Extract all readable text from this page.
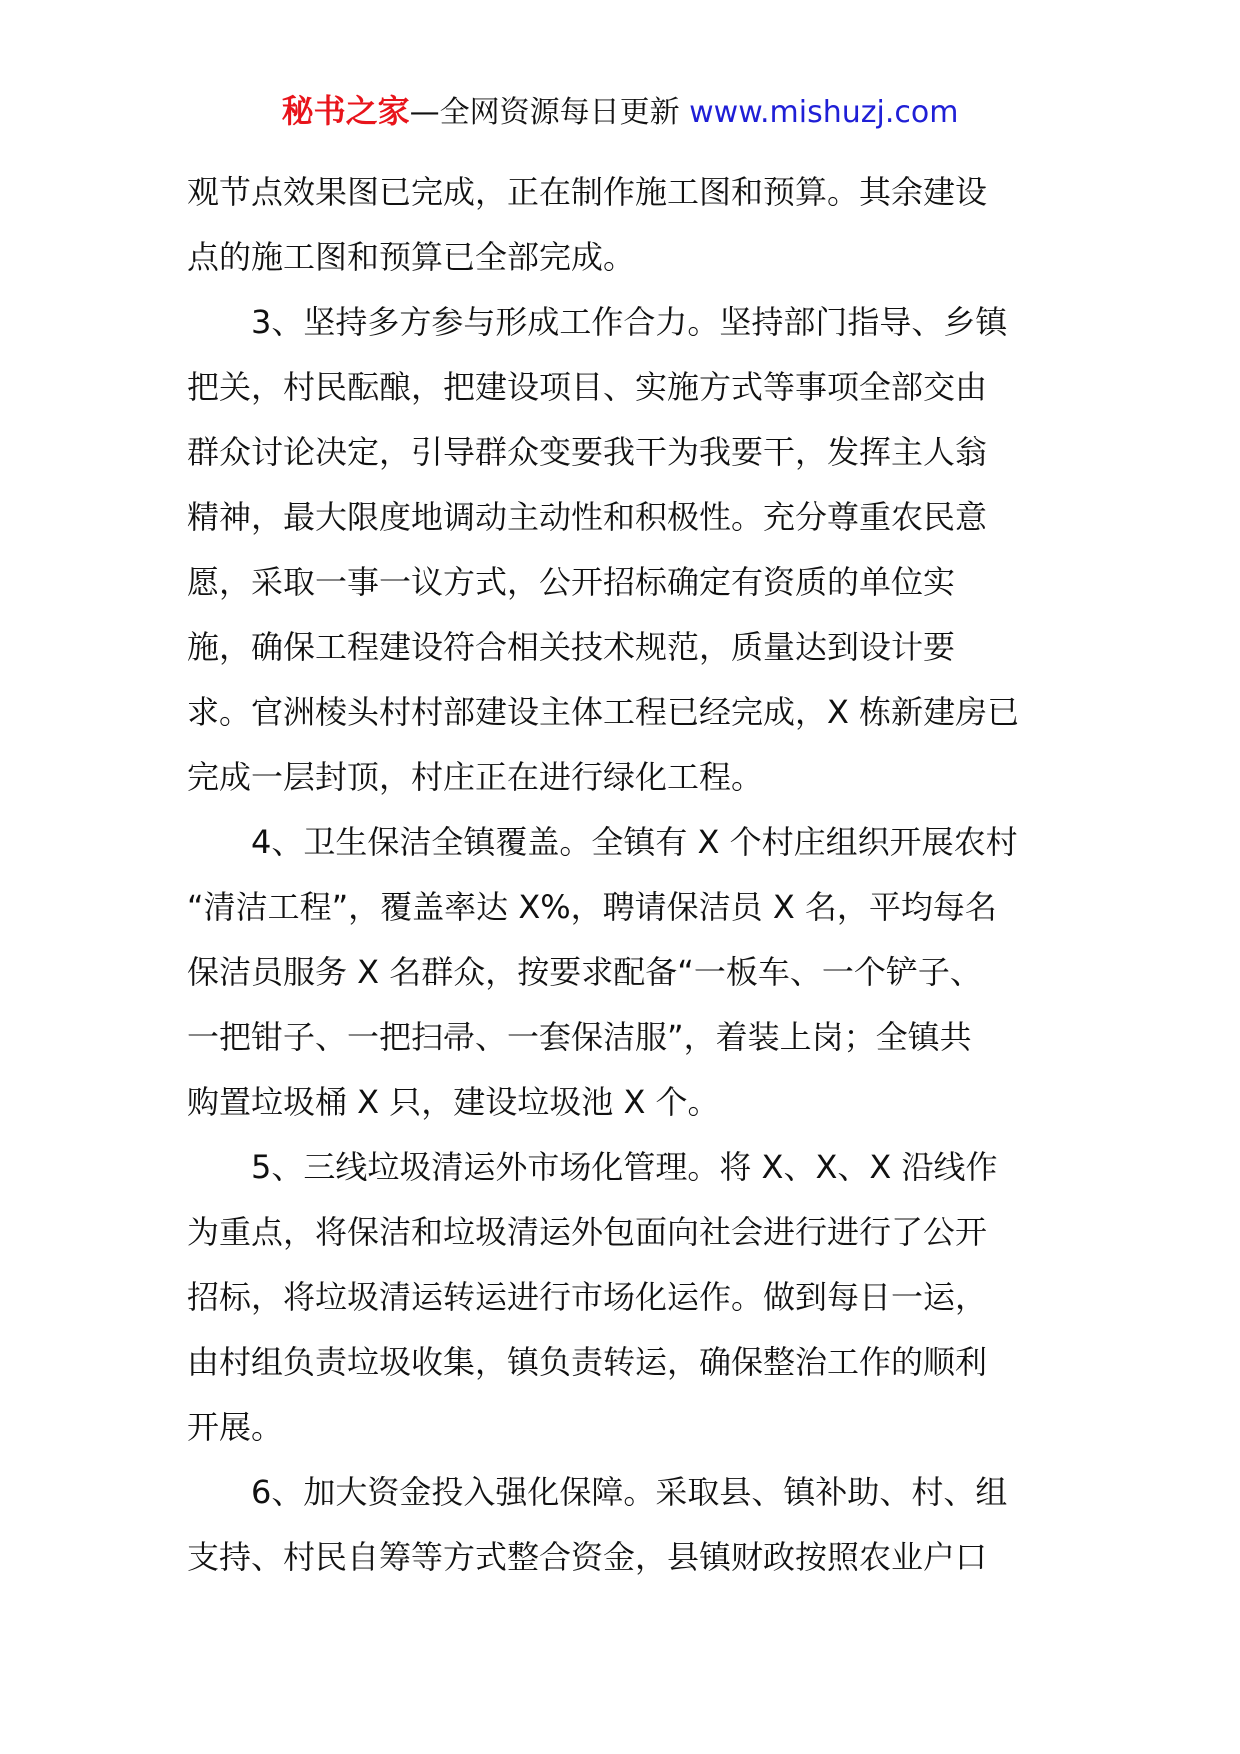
秘书之家—全网资源每日更新 www.mishuzj.com
观节点效果图已完成，正在制作施工图和预算。其余建设
点的施工图和预算已全部完成。
3、坚持多方参与形成工作合力。坚持部门指导、乡镇
把关，村民酝酿，把建设项目、实施方式等事项全部交由
群众讨论决定，引导群众变要我干为我要干，发挥主人翁
精神，最大限度地调动主动性和积极性。充分尊重农民意
愿，采取一事一议方式，公开招标确定有资质的单位实
施，确保工程建设符合相关技术规范，质量达到设计要
求。官洲棱头村村部建设主体工程已经完成，X 栋新建房已
完成一层封顶，村庄正在进行绿化工程。
4、卫生保洁全镇覆盖。全镇有 X 个村庄组织开展农村
“清洁工程”，覆盖率达 X%，聘请保洁员 X 名，平均每名
保洁员服务 X 名群众，按要求配备“一板车、一个铲子、
一把钳子、一把扫帚、一套保洁服”，着装上岗；全镇共
购置垃圾桶 X 只，建设垃圾池 X 个。
5、三线垃圾清运外市场化管理。将 X、X、X 沿线作
为重点，将保洁和垃圾清运外包面向社会进行进行了公开
招标，将垃圾清运转运进行市场化运作。做到每日一运，
由村组负责垃圾收集，镇负责转运，确保整治工作的顺利
开展。
6、加大资金投入强化保障。采取县、镇补助、村、组
支持、村民自筹等方式整合资金，县镇财政按照农业户口
